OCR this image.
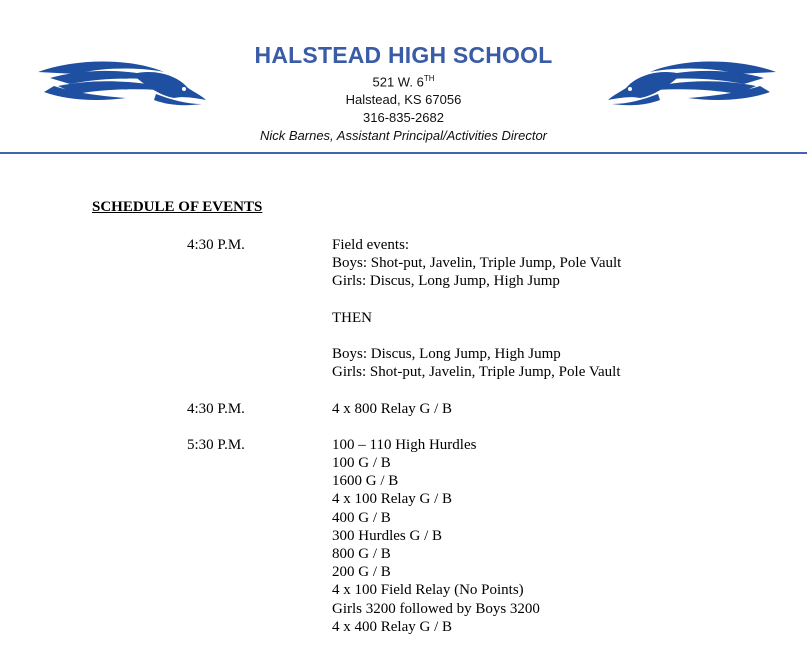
HALSTEAD HIGH SCHOOL
521 W. 6TH
Halstead, KS 67056
316-835-2682
Nick Barnes, Assistant Principal/Activities Director
SCHEDULE OF EVENTS
4:30 P.M.	Field events:
Boys: Shot-put, Javelin, Triple Jump, Pole Vault
Girls: Discus, Long Jump, High Jump
THEN
Boys: Discus, Long Jump, High Jump
Girls: Shot-put, Javelin, Triple Jump, Pole Vault
4:30 P.M.	4 x 800 Relay G / B
5:30 P.M.	100 – 110 High Hurdles
100 G / B
1600 G / B
4 x 100 Relay G / B
400 G / B
300 Hurdles G / B
800 G / B
200 G / B
4 x 100 Field Relay (No Points)
Girls 3200 followed by Boys 3200
4 x 400 Relay G / B
